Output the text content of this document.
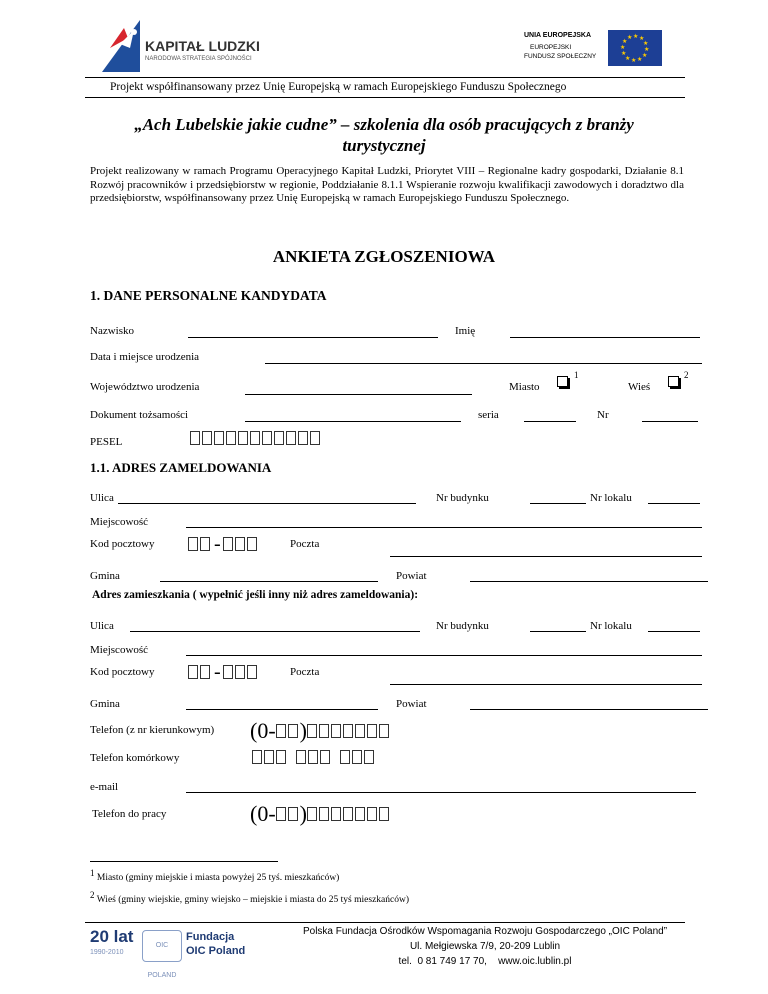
KAPITAŁ LUDZKI
NARODOWA STRATEGIA SPÓJNOŚCI
UNIA EUROPEJSKA
EUROPEJSKI
FUNDUSZ SPOŁECZNY
★ ★
★
★
★
★
★
★
★
★
★
★
Projekt współfinansowany przez Unię Europejską w ramach Europejskiego Funduszu Społecznego
„Ach Lubelskie jakie cudne” – szkolenia dla osób pracujących z branży
turystycznej
Projekt realizowany w ramach Programu Operacyjnego Kapitał Ludzki, Priorytet VIII – Regionalne kadry gospodarki, Działanie 8.1 Rozwój pracowników i przedsiębiorstw w regionie, Poddziałanie 8.1.1 Wspieranie rozwoju kwalifikacji zawodowych i doradztwo dla przedsiębiorstw, współfinansowany przez Unię Europejską w ramach Europejskiego Funduszu Społecznego.
ANKIETA ZGŁOSZENIOWA
1. DANE PERSONALNE KANDYDATA
Nazwisko	Imię
Data i miejsce urodzenia
Województwo urodzenia	Miasto
1
Wieś
2
Dokument tożsamości	seria	Nr
PESEL
1.1. ADRES ZAMELDOWANIA
Ulica	Nr budynku	Nr lokalu
Miejscowość
Kod pocztowy	-	Poczta
Gmina	Powiat
Adres zamieszkania ( wypełnić jeśli inny niż adres zameldowania):
Ulica	Nr budynku	Nr lokalu
Miejscowość
Kod pocztowy	-	Poczta
Gmina	Powiat
Telefon (z nr kierunkowym) (0- )
Telefon komórkowy
e-mail
Telefon do pracy	(0- )
$^1$ Miasto (gminy miejskie i miasta powyżej 25 tyś. mieszkańców)
$^2$ Wieś (gminy wiejskie, gminy wiejsko – miejskie i miasta do 25 tyś mieszkańców)
20 lat
1990-2010
OIC POLAND
Fundacja
OIC Poland
Polska Fundacja Ośrodków Wspomagania Rozwoju Gospodarczego „OIC Poland”
Ul. Mełgiewska 7/9, 20-209 Lublin
tel.  0 81 749 17 70,    www.oic.lublin.pl
